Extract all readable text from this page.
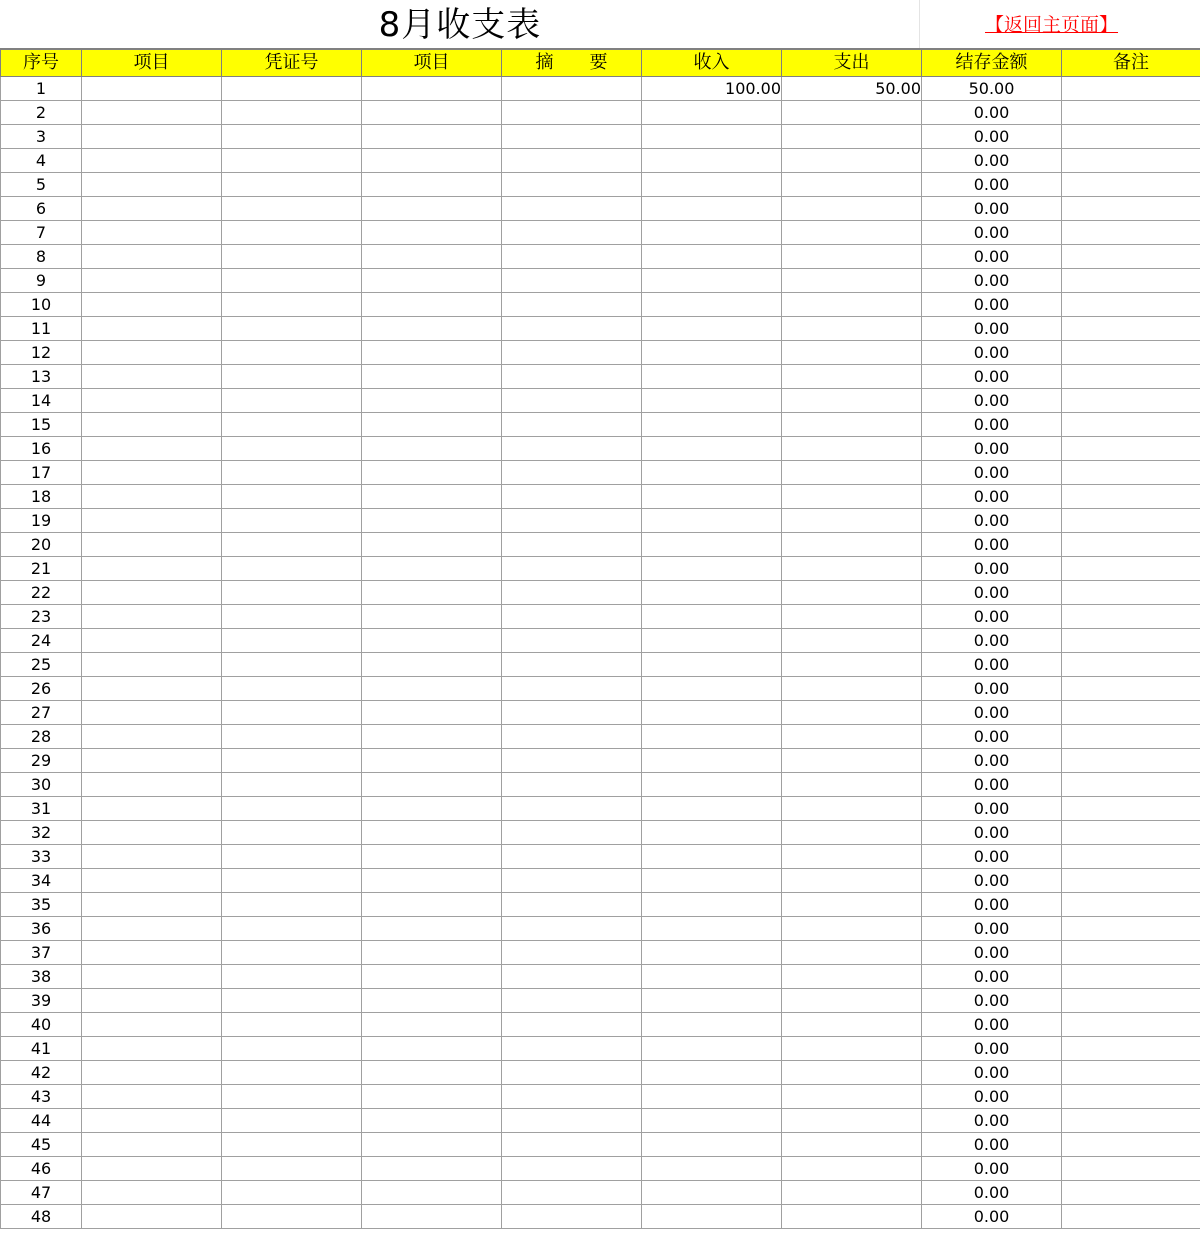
8月收支表	【返回主页面】
序号	项目	凭证号	项目	摘　　要	收入	支出	结存金额	备注
1					100.00	50.00	50.00	
2							0.00	
3							0.00	
4							0.00	
5							0.00	
6							0.00	
7							0.00	
8							0.00	
9							0.00	
10							0.00	
11							0.00	
12							0.00	
13							0.00	
14							0.00	
15							0.00	
16							0.00	
17							0.00	
18							0.00	
19							0.00	
20							0.00	
21							0.00	
22							0.00	
23							0.00	
24							0.00	
25							0.00	
26							0.00	
27							0.00	
28							0.00	
29							0.00	
30							0.00	
31							0.00	
32							0.00	
33							0.00	
34							0.00	
35							0.00	
36							0.00	
37							0.00	
38							0.00	
39							0.00	
40							0.00	
41							0.00	
42							0.00	
43							0.00	
44							0.00	
45							0.00	
46							0.00	
47							0.00	
48							0.00	
